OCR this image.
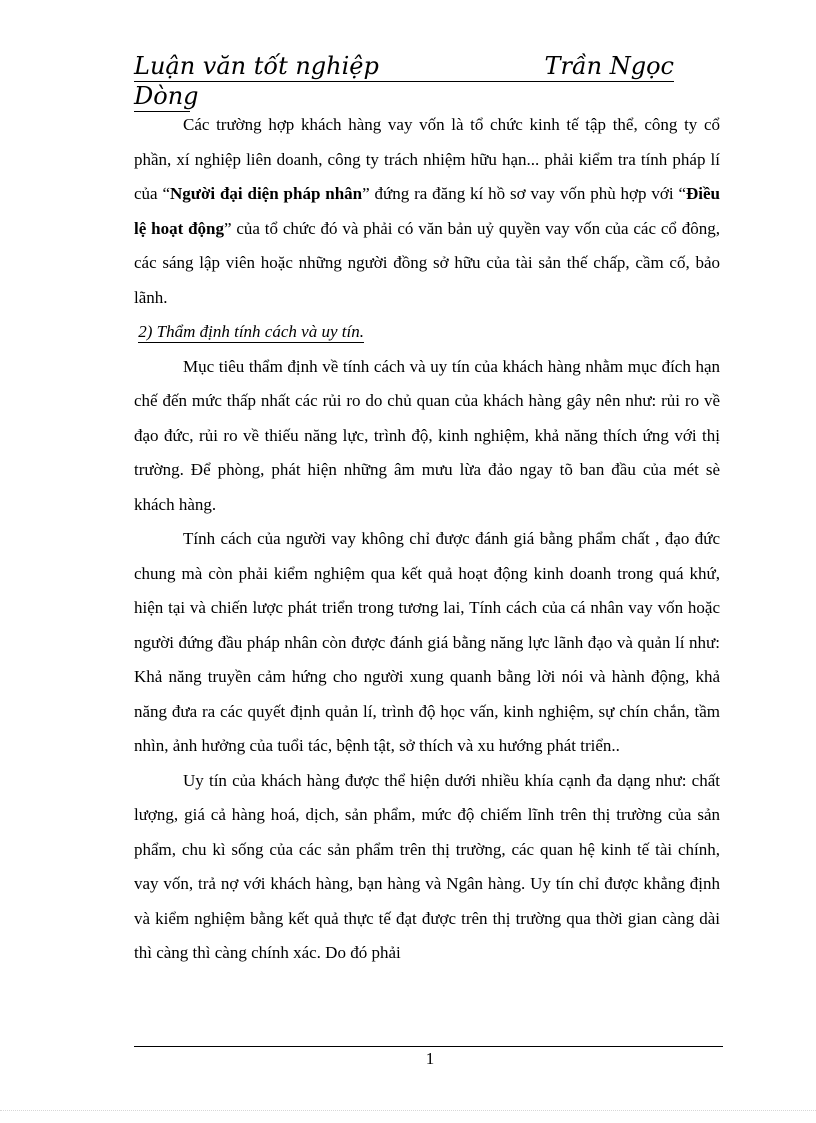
Luận văn tốt nghiệp	Trần Ngọc
Dòng

Các trường hợp khách hàng vay vốn là tổ chức kinh tế tập thể, công ty cổ phần, xí nghiệp liên doanh, công ty trách nhiệm hữu hạn... phải kiểm tra tính pháp lí của “Người đại diện pháp nhân” đứng ra đăng kí hồ sơ vay vốn phù hợp với “Điều lệ hoạt động” của tổ chức đó và phải có văn bản uỷ quyền vay vốn của các cổ đông, các sáng lập viên hoặc những người đồng sở hữu của tài sản thế chấp, cầm cố, bảo lãnh.

2) Thẩm định tính cách và uy tín.

Mục tiêu thẩm định về tính cách và uy tín của khách hàng nhằm mục đích hạn chế đến mức thấp nhất các rủi ro do chủ quan của khách hàng gây nên như: rủi ro về đạo đức, rủi ro về thiếu năng lực, trình độ, kinh nghiệm, khả năng thích ứng với thị trường. Để phòng, phát hiện những âm mưu lừa đảo ngay tõ ban đầu của mét sè khách hàng.

Tính cách của người vay không chỉ được đánh giá bằng phẩm chất , đạo đức chung mà còn phải kiểm nghiệm qua kết quả hoạt động kinh doanh trong quá khứ, hiện tại và chiến lược phát triển trong tương lai, Tính cách của cá nhân vay vốn hoặc người đứng đầu pháp nhân còn được đánh giá bằng năng lực lãnh đạo và quản lí như: Khả năng truyền cảm hứng cho người xung quanh bằng lời nói và hành động, khả năng đưa ra các quyết định quản lí, trình độ học vấn, kinh nghiệm, sự chín chắn, tầm nhìn, ảnh hưởng của tuổi tác, bệnh tật, sở thích và xu hướng phát triển..

Uy tín của khách hàng được thể hiện dưới nhiều khía cạnh đa dạng như: chất lượng, giá cả hàng hoá, dịch, sản phẩm, mức độ chiếm lĩnh trên thị trường của sản phẩm, chu kì sống của các sản phẩm trên thị trường, các quan hệ kinh tế tài chính, vay vốn, trả nợ với khách hàng, bạn hàng và Ngân hàng. Uy tín chỉ được khẳng định và kiểm nghiệm bằng kết quả thực tế đạt được trên thị trường qua thời gian càng dài thì càng thì càng chính xác. Do đó phải

1
